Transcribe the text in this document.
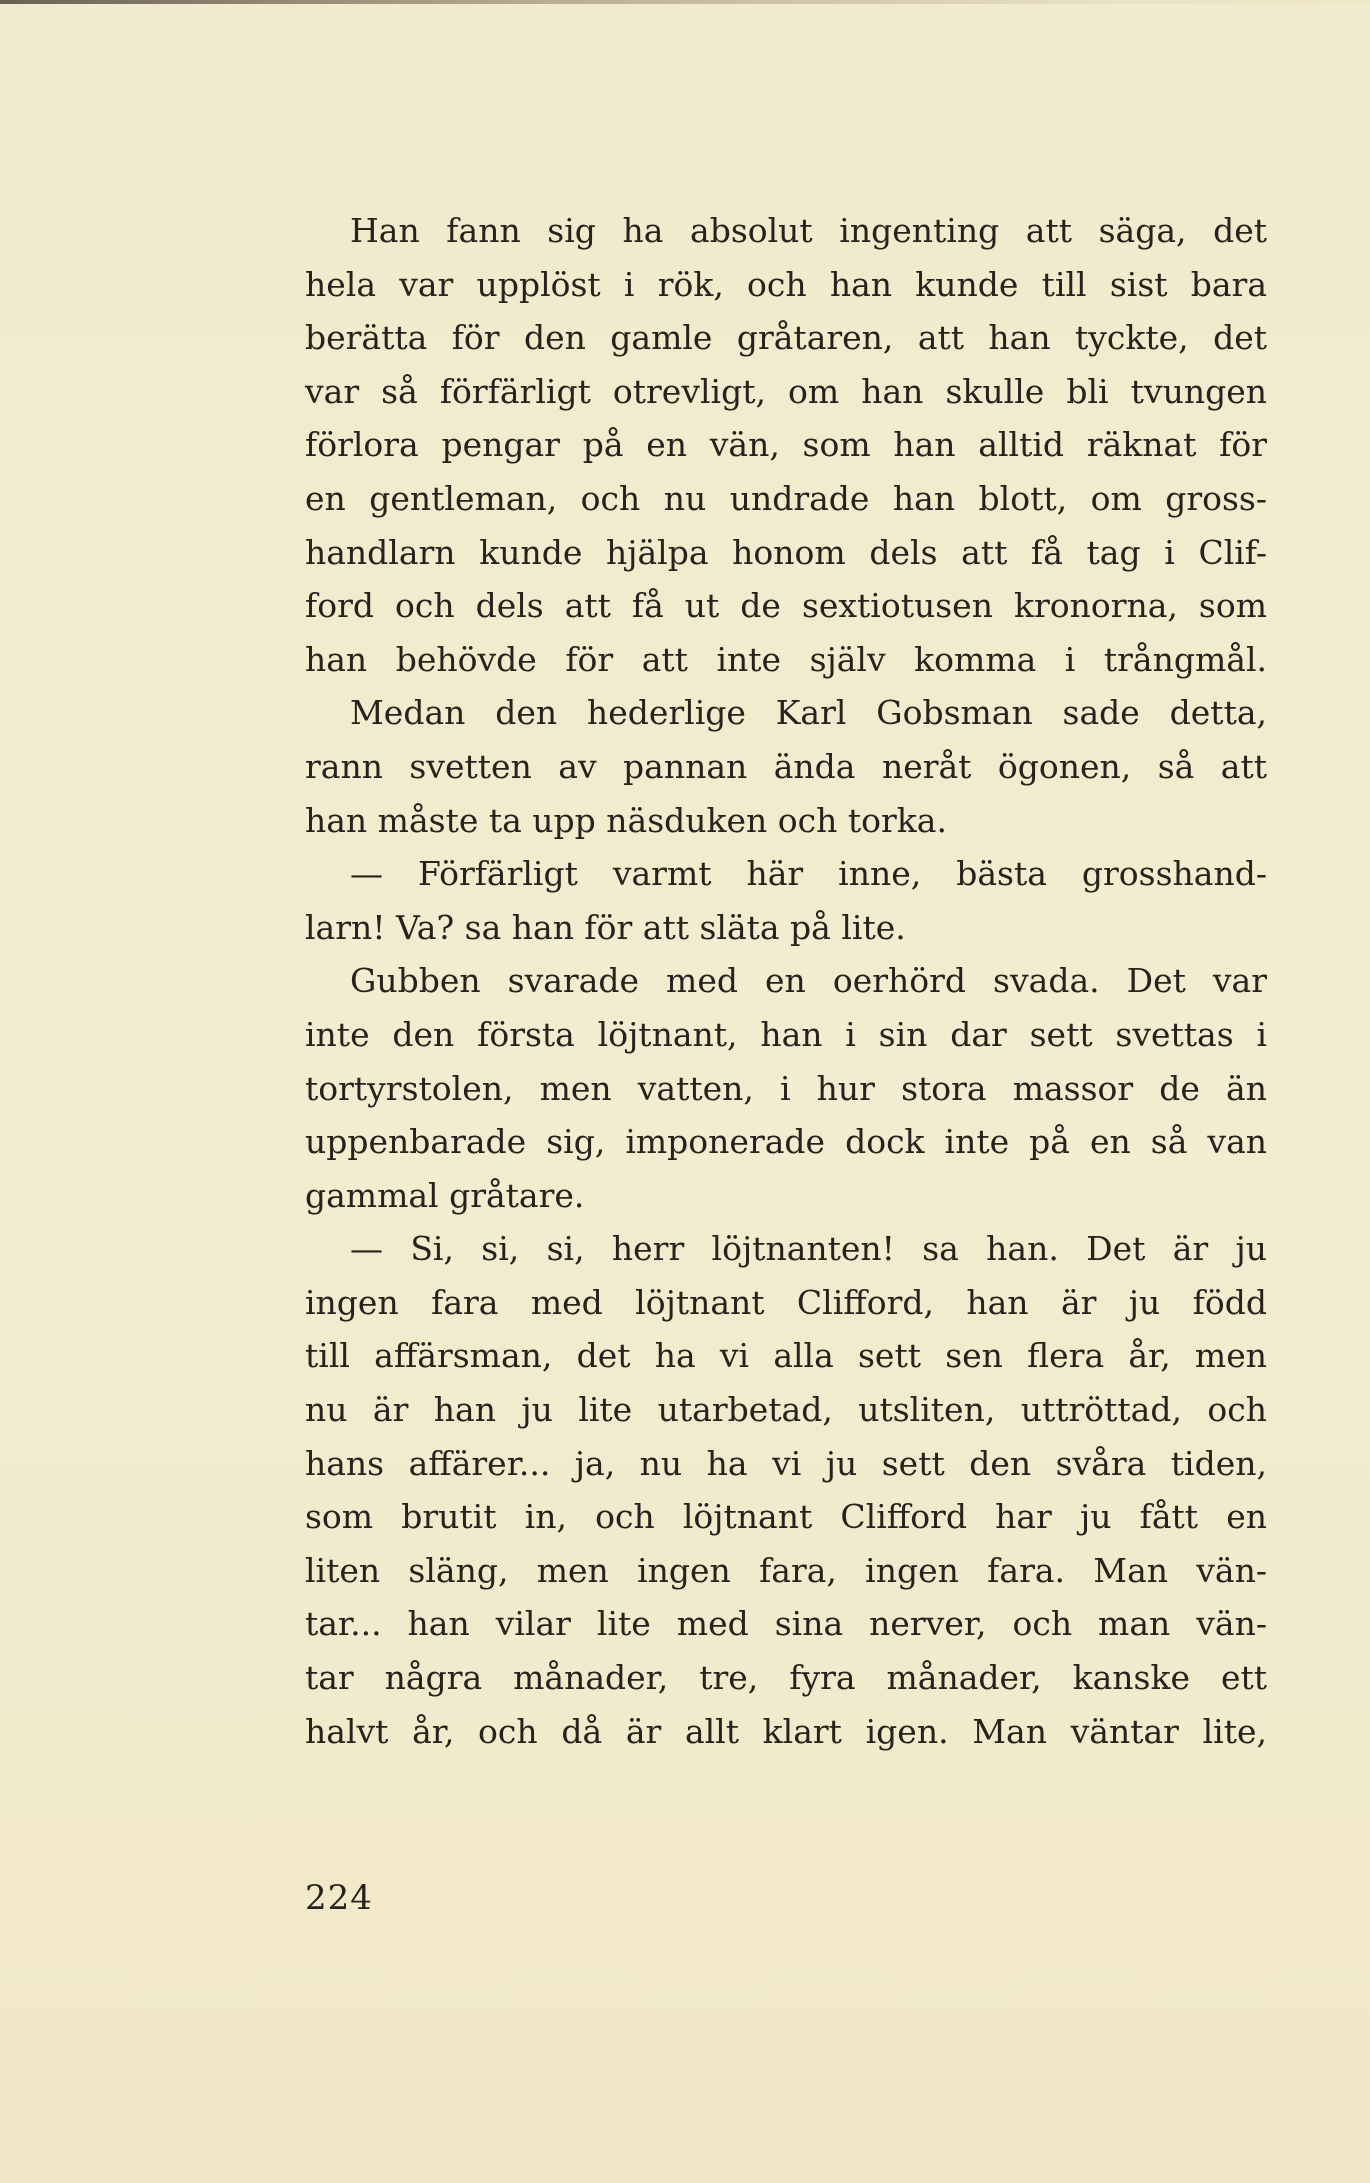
Han fann sig ha absolut ingenting att säga, det
hela var upplöst i rök, och han kunde till sist bara
berätta för den gamle gråtaren, att han tyckte, det
var så förfärligt otrevligt, om han skulle bli tvungen
förlora pengar på en vän, som han alltid räknat för
en gentleman, och nu undrade han blott, om gross-
handlarn kunde hjälpa honom dels att få tag i Clif-
ford och dels att få ut de sextiotusen kronorna, som
han behövde för att inte själv komma i trångmål.
Medan den hederlige Karl Gobsman sade detta,
rann svetten av pannan ända neråt ögonen, så att
han måste ta upp näsduken och torka.
— Förfärligt varmt här inne, bästa grosshand-
larn! Va? sa han för att släta på lite.
Gubben svarade med en oerhörd svada. Det var
inte den första löjtnant, han i sin dar sett svettas i
tortyrstolen, men vatten, i hur stora massor de än
uppenbarade sig, imponerade dock inte på en så van
gammal gråtare.
— Si, si, si, herr löjtnanten! sa han. Det är ju
ingen fara med löjtnant Clifford, han är ju född
till affärsman, det ha vi alla sett sen flera år, men
nu är han ju lite utarbetad, utsliten, uttröttad, och
hans affärer... ja, nu ha vi ju sett den svåra tiden,
som brutit in, och löjtnant Clifford har ju fått en
liten släng, men ingen fara, ingen fara. Man vän-
tar... han vilar lite med sina nerver, och man vän-
tar några månader, tre, fyra månader, kanske ett
halvt år, och då är allt klart igen. Man väntar lite,
224
